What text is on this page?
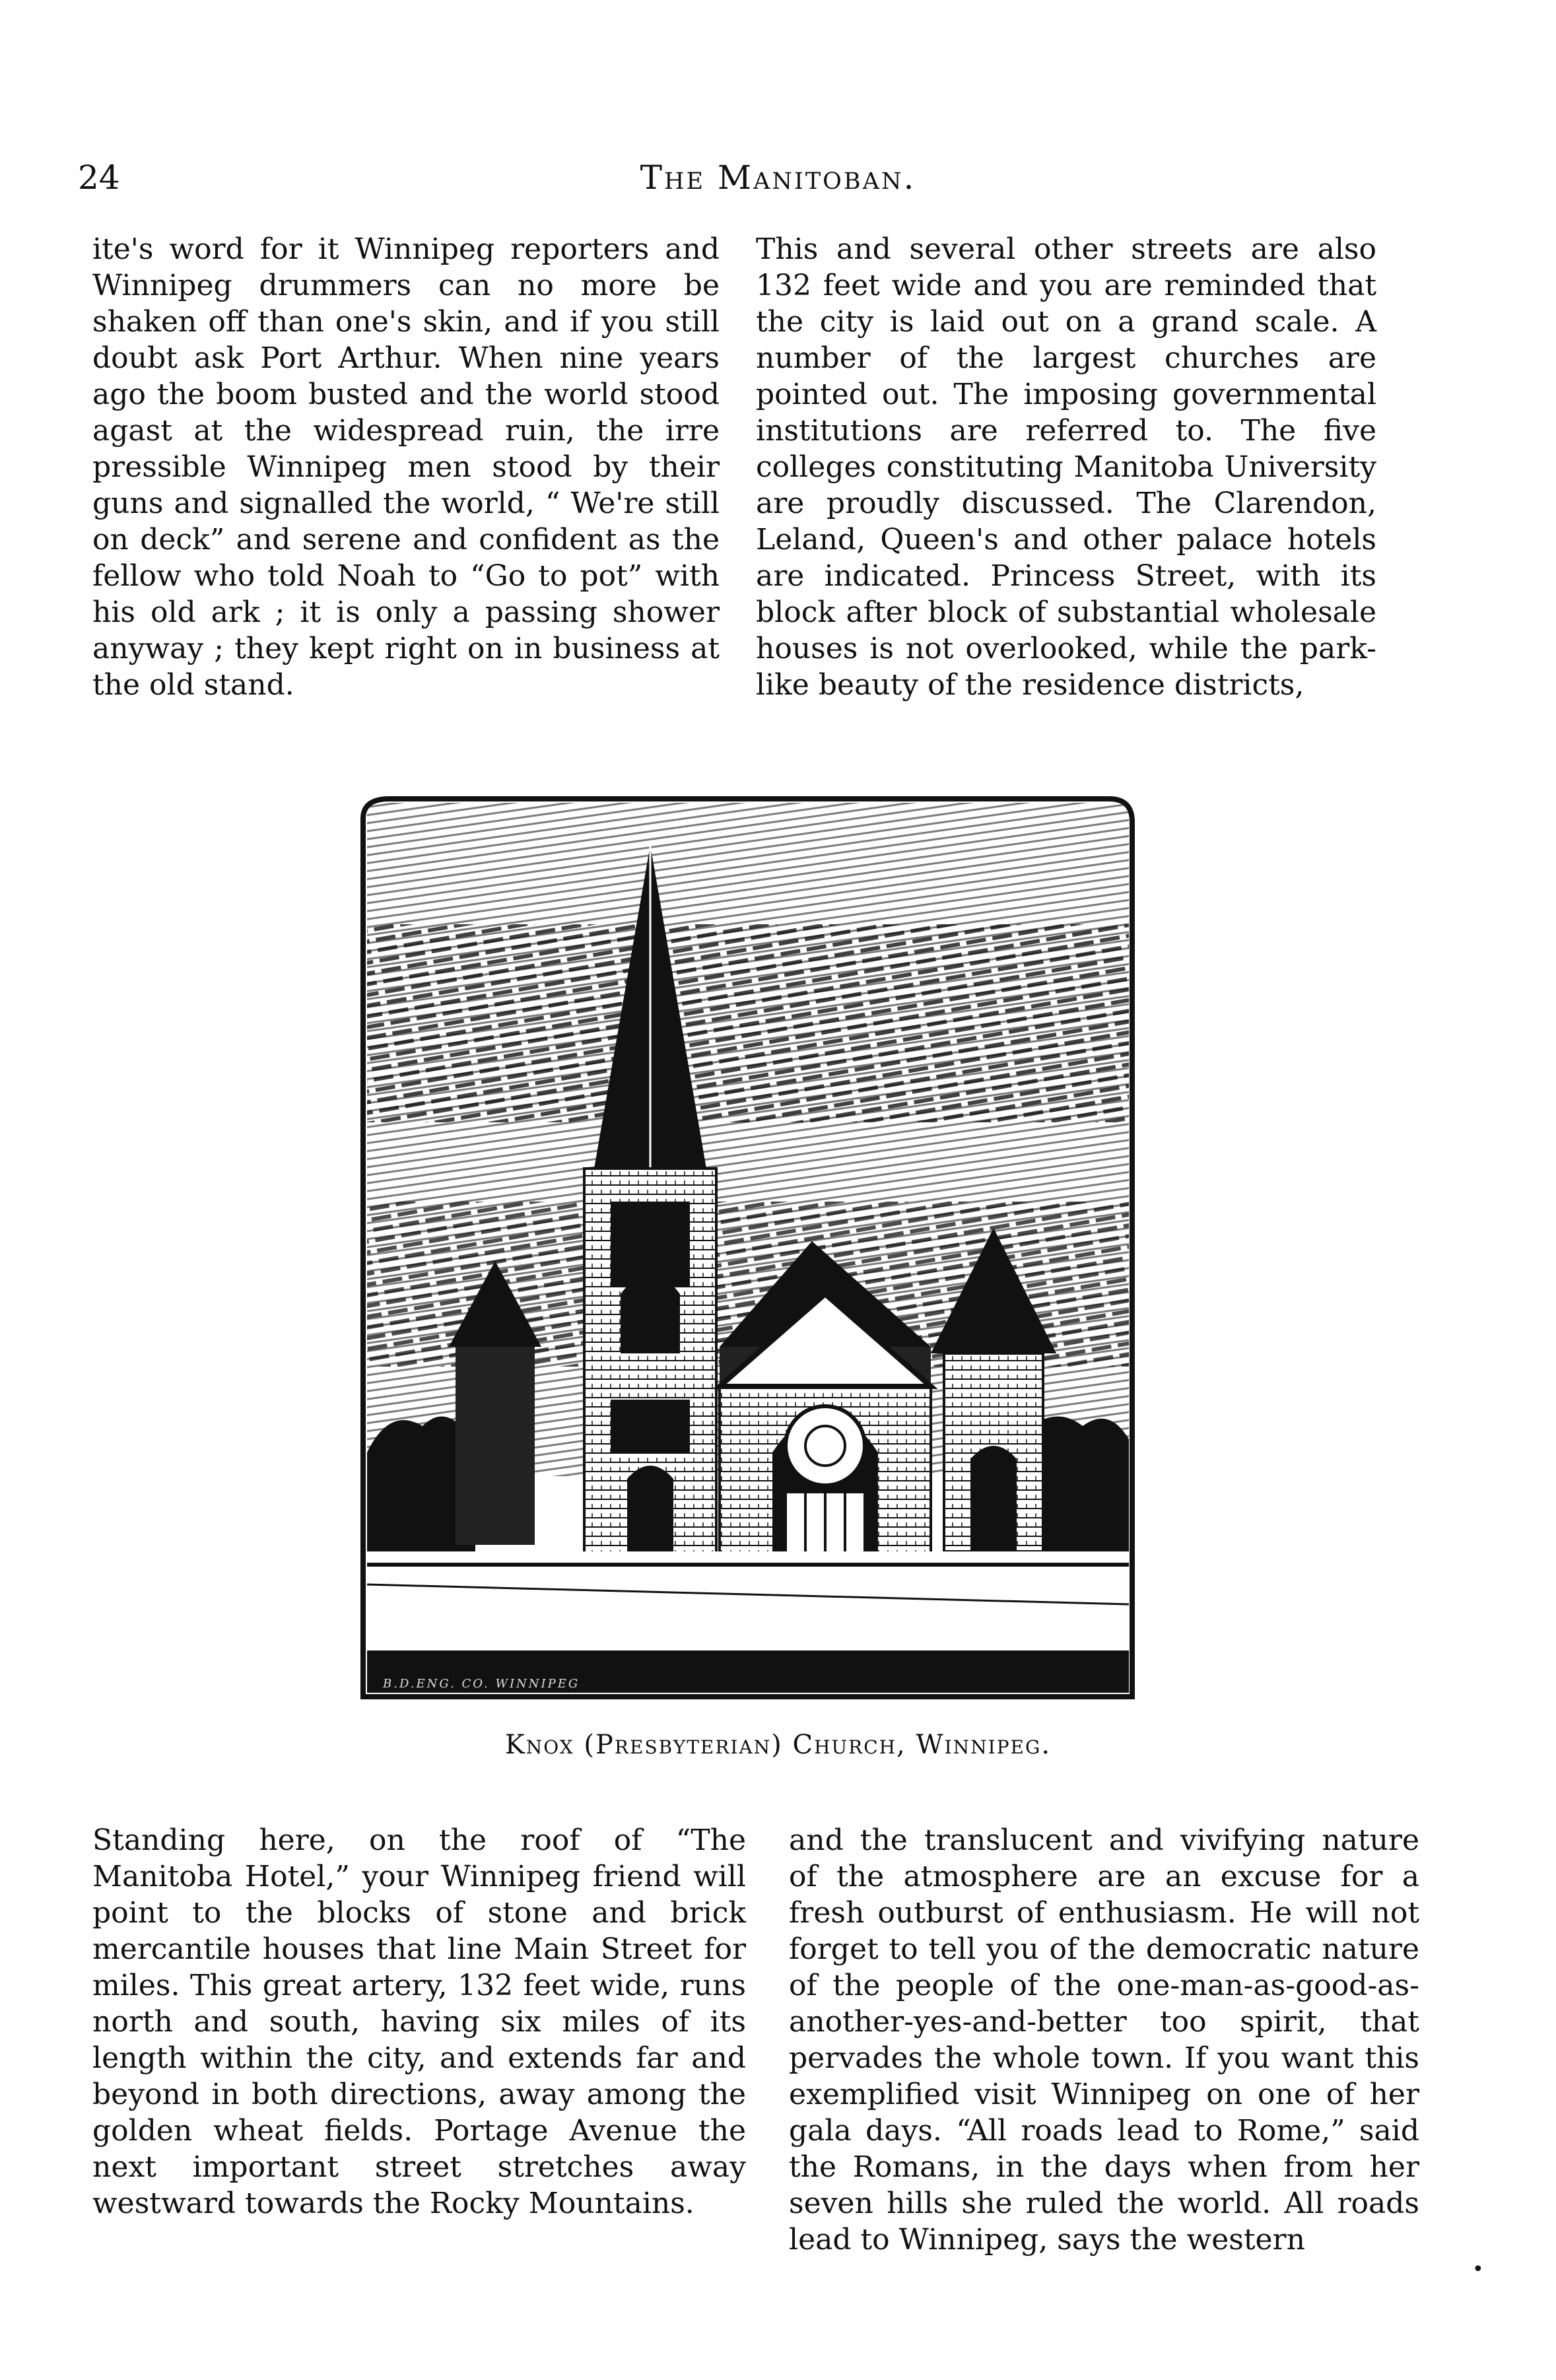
24	The Manitoban.

ite's word for it Winnipeg reporters and Winnipeg drummers can no more be shaken off than one's skin, and if you still doubt ask Port Arthur. When nine years ago the boom busted and the world stood agast at the widespread ruin, the irre pressible Winnipeg men stood by their guns and signalled the world, “ We're still on deck” and serene and confident as the fellow who told Noah to “Go to pot” with his old ark ; it is only a passing shower anyway ; they kept right on in business at the old stand.

This and several other streets are also 132 feet wide and you are reminded that the city is laid out on a grand scale. A number of the largest churches are pointed out. The imposing governmental institutions are referred to. The five colleges constituting Manitoba University are proudly discussed. The Clarendon, Leland, Queen's and other palace hotels are indicated. Princess Street, with its block after block of substantial wholesale houses is not overlooked, while the park-like beauty of the residence districts,

B.D.ENG. CO. WINNIPEG
Knox (Presbyterian) Church, Winnipeg.

Standing here, on the roof of “The Manitoba Hotel,” your Winnipeg friend will point to the blocks of stone and brick mercantile houses that line Main Street for miles. This great artery, 132 feet wide, runs north and south, having six miles of its length within the city, and extends far and beyond in both directions, away among the golden wheat fields. Portage Avenue the next important street stretches away westward towards the Rocky Mountains.

and the translucent and vivifying nature of the atmosphere are an excuse for a fresh outburst of enthusiasm. He will not forget to tell you of the democratic nature of the people of the one-man-as-good-as-another-yes-and-better too spirit, that pervades the whole town. If you want this exemplified visit Winnipeg on one of her gala days. “All roads lead to Rome,” said the Romans, in the days when from her seven hills she ruled the world. All roads lead to Winnipeg, says the western

•
